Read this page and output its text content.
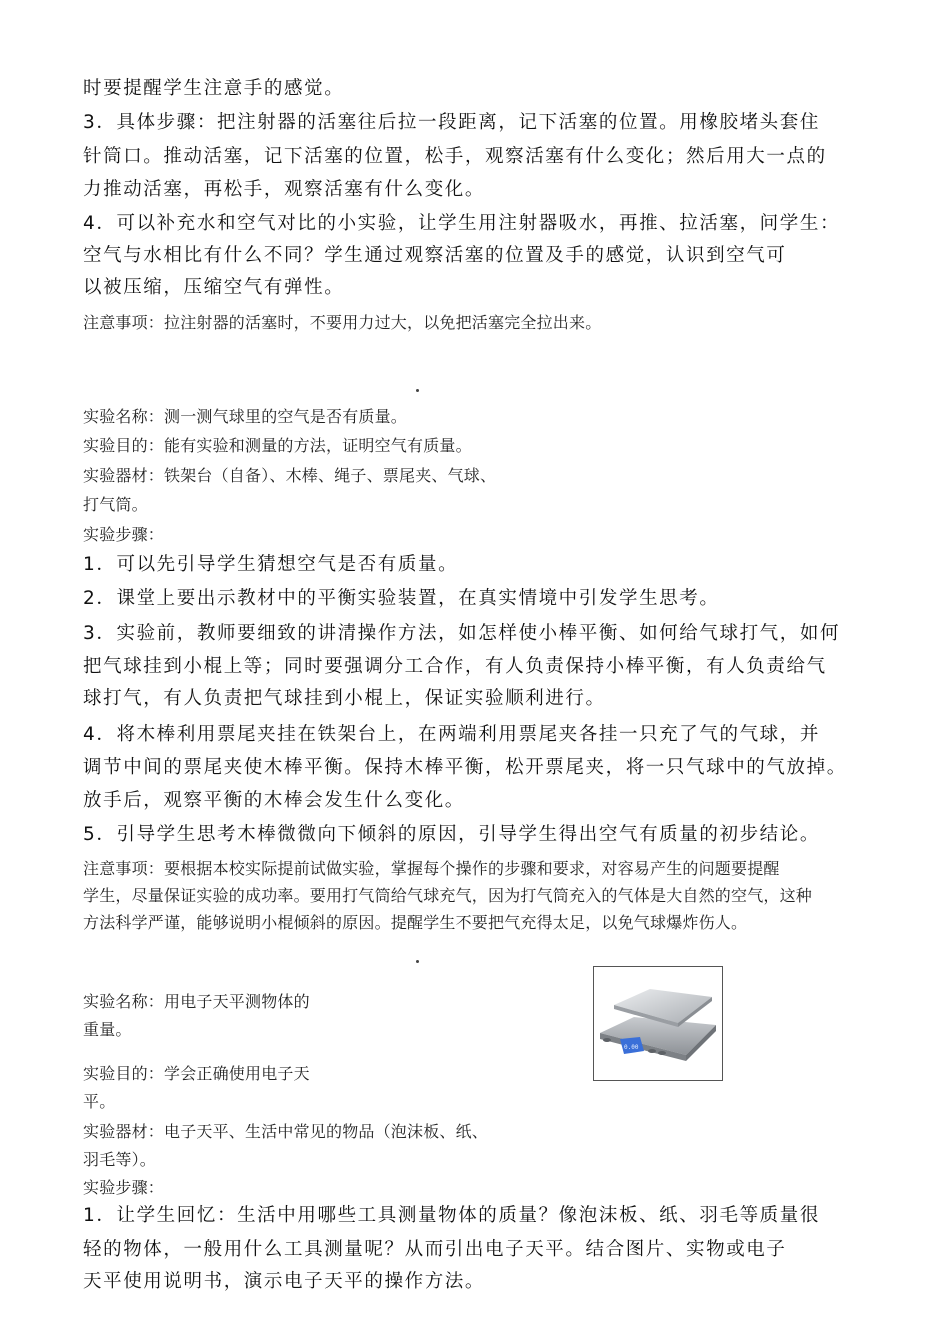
时要提醒学生注意手的感觉。
3．具体步骤：把注射器的活塞往后拉一段距离，记下活塞的位置。用橡胶堵头套住
针筒口。推动活塞，记下活塞的位置，松手，观察活塞有什么变化；然后用大一点的
力推动活塞，再松手，观察活塞有什么变化。
4．可以补充水和空气对比的小实验，让学生用注射器吸水，再推、拉活塞，问学生：
空气与水相比有什么不同？学生通过观察活塞的位置及手的感觉，认识到空气可
以被压缩，压缩空气有弹性。
注意事项：拉注射器的活塞时，不要用力过大，以免把活塞完全拉出来。
实验名称：测一测气球里的空气是否有质量。
实验目的：能有实验和测量的方法，证明空气有质量。
实验器材：铁架台（自备）、木棒、绳子、票尾夹、气球、
打气筒。
实验步骤：
1．可以先引导学生猜想空气是否有质量。
2．课堂上要出示教材中的平衡实验装置，在真实情境中引发学生思考。
3．实验前，教师要细致的讲清操作方法，如怎样使小棒平衡、如何给气球打气，如何
把气球挂到小棍上等；同时要强调分工合作，有人负责保持小棒平衡，有人负责给气
球打气，有人负责把气球挂到小棍上，保证实验顺利进行。
4．将木棒利用票尾夹挂在铁架台上，在两端利用票尾夹各挂一只充了气的气球，并
调节中间的票尾夹使木棒平衡。保持木棒平衡，松开票尾夹，将一只气球中的气放掉。
放手后，观察平衡的木棒会发生什么变化。
5．引导学生思考木棒微微向下倾斜的原因，引导学生得出空气有质量的初步结论。
注意事项：要根据本校实际提前试做实验，掌握每个操作的步骤和要求，对容易产生的问题要提醒
学生，尽量保证实验的成功率。要用打气筒给气球充气，因为打气筒充入的气体是大自然的空气，这种
方法科学严谨，能够说明小棍倾斜的原因。提醒学生不要把气充得太足，以免气球爆炸伤人。
实验名称：用电子天平测物体的
重量。
实验目的：学会正确使用电子天
平。
实验器材：电子天平、生活中常见的物品（泡沫板、纸、
羽毛等）。
实验步骤：
1．让学生回忆：生活中用哪些工具测量物体的质量？像泡沫板、纸、羽毛等质量很
轻的物体，一般用什么工具测量呢？从而引出电子天平。结合图片、实物或电子
天平使用说明书，演示电子天平的操作方法。
0.00
